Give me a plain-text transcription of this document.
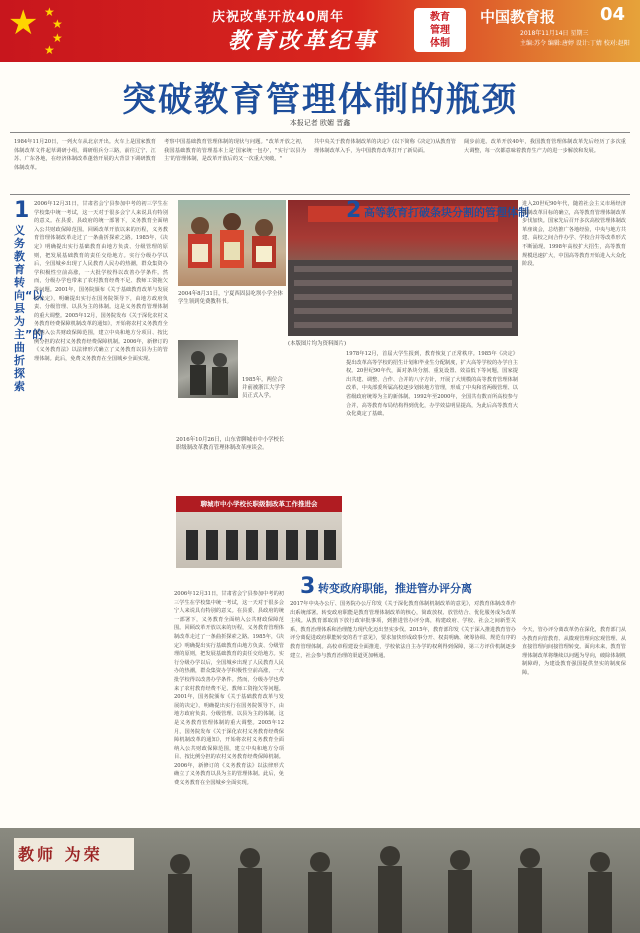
★ ★
★
★
★
庆祝改革开放40周年
教育改革纪事
教育
管理
体制
中国教育报 04
2018年11月14日 星期三
主编:苏令 编辑:唐婷 设计:丁婧 校对:赵阳
突破教育管理体制的瓶颈
本报记者 欧媚 晋鑫
1984年11月20日，一列火车从北京开出。火车上是国家教育体制改革文件起草调研小组，调研组兵分三路，前往辽宁、江苏、广东各地，在经济体制改革蓬勃开展的大背景下调研教育体制改革。
考察中国基础教育管理体制的现状与问题。"改革开放之初，我国基础教育的管理基本上是'国家统一包办'，"实行'以县为主'的管理体制，是改革开放后的又一次重大突破。"
共中央关于教育体制改革的决定》(以下简称《决定》)从教育管理体制改革入手，为中国教育改革打开了新局面。
阔步前进。改革开放40年，我国教育管理体制改革先后经历了多次重大调整，每一次都意味着教育生产力的进一步解放和发展。
1
义务教育转向“以县为主”的曲折探索
2006年12月31日，甘肃省会宁县参加中考的初三学生在学校集中统一考试，这一天对于很多会宁人来说具有特别的意义。在县委、县政府的统一部署下，义务教育全面纳入公共财政保障范围。回顾改革开放以来的历程，义务教育管理体制改革走过了一条曲折探索之路。1985年，《决定》明确提出实行基础教育由地方负责、分级管理的原则，把发展基础教育的责任交给地方。实行分级办学以后，全国城乡出现了人民教育人民办的热潮，群众集资办学积极性空前高涨，一大批学校得以改善办学条件。然而，分级办学也带来了农村教育经费不足、教师工资拖欠等问题。2001年，国务院颁布《关于基础教育改革与发展的决定》，明确提出实行在国务院领导下，由地方政府负责、分级管理、以县为主的体制。这是义务教育管理体制的重大调整。2005年12月，国务院发布《关于深化农村义务教育经费保障机制改革的通知》，开始将农村义务教育全面纳入公共财政保障范围，建立中央和地方分项目、按比例分担的农村义务教育经费保障机制。2006年，新修订的《义务教育法》以法律形式确立了义务教育以县为主的管理体制。此后，免费义务教育在全国城乡全面实现。
2006年12月31日，甘肃省会宁县参加中考的初三学生在学校集中统一考试，这一天对于很多会宁人来说具有特别的意义。在县委、县政府的统一部署下，义务教育全面纳入公共财政保障范围。回顾改革开放以来的历程，义务教育管理体制改革走过了一条曲折探索之路。1985年，《决定》明确提出实行基础教育由地方负责、分级管理的原则，把发展基础教育的责任交给地方。实行分级办学以后，全国城乡出现了人民教育人民办的热潮，群众集资办学积极性空前高涨，一大批学校得以改善办学条件。然而，分级办学也带来了农村教育经费不足、教师工资拖欠等问题。2001年，国务院颁布《关于基础教育改革与发展的决定》，明确提出实行在国务院领导下，由地方政府负责、分级管理、以县为主的体制。这是义务教育管理体制的重大调整。2005年12月，国务院发布《关于深化农村义务教育经费保障机制改革的通知》，开始将农村义务教育全面纳入公共财政保障范围，建立中央和地方分项目、按比例分担的农村义务教育经费保障机制。2006年，新修订的《义务教育法》以法律形式确立了义务教育以县为主的管理体制。此后，免费义务教育在全国城乡全面实现。
2004年8月31日，宁夏西固县吃坝小学全体学生领到免费教科书。
1985年，两位合并前被浙江大学学员正式入学。
(本版图片均为资料图片)
聊城市中小学校长职级制改革工作推进会
2016年10月26日，山东省聊城市中小学校长职级制改革教育管理体制改革座谈会。
2 高等教育打破条块分割的管理体制
进入20世纪90年代，随着社会主义市场经济体制改革目标的确立，高等教育管理体制改革步伐加快。国家先后召开多次高校管理体制改革座谈会，总结推广各地经验，中央与地方共建、高校之间合作办学、学校合并等改革形式不断涌现。1998年高校扩大招生，高等教育规模迅速扩大，中国高等教育开始进入大众化阶段。
1978年12月，首届大学生报到，教育恢复了正常秩序。1985年《决定》提出改革高等学校的招生计划和毕业生分配制度，扩大高等学校的办学自主权。20世纪90年代，面对条块分割、重复设置、效益低下等问题，国家提出共建、调整、合作、合并的八字方针，开展了大规模的高等教育管理体制改革，中央部委所属高校逐步划转地方管理，形成了中央和省两级管理、以省级政府统筹为主的新体制。1992年至2000年，全国共有数百所高校参与合并，高等教育布局结构得到优化，办学效益明显提高，为此后高等教育大众化奠定了基础。
3 转变政府职能，推进管办评分离
2017年中央办公厅、国务院办公厅印发《关于深化教育体制机制改革的意见》，对教育体制改革作出系统部署。转变政府职能是教育管理体制改革的核心，简政放权、放管结合、优化服务成为改革主线。从教育部取消下放行政审批事项，到推进管办评分离，构建政府、学校、社会之间新型关系，教育治理体系和治理能力现代化迈出坚实步伐。2015年，教育部印发《关于深入推进教育管办评分离促进政府职能转变的若干意见》，要求加快形成政事分开、权责明确、统筹协调、规范有序的教育管理体制。高校章程建设全面推进，学校依法自主办学的权利得到保障，第三方评价机制逐步建立，社会参与教育治理的渠道更加畅通。
今天，管办评分离改革仍在深化，教育部门从办教育向管教育、从微观管理向宏观管理、从直接管理向间接管理转变。面向未来，教育管理体制改革将继续以问题为导向，破除体制机制障碍，为建设教育强国提供坚实的制度保障。
教师 为荣
